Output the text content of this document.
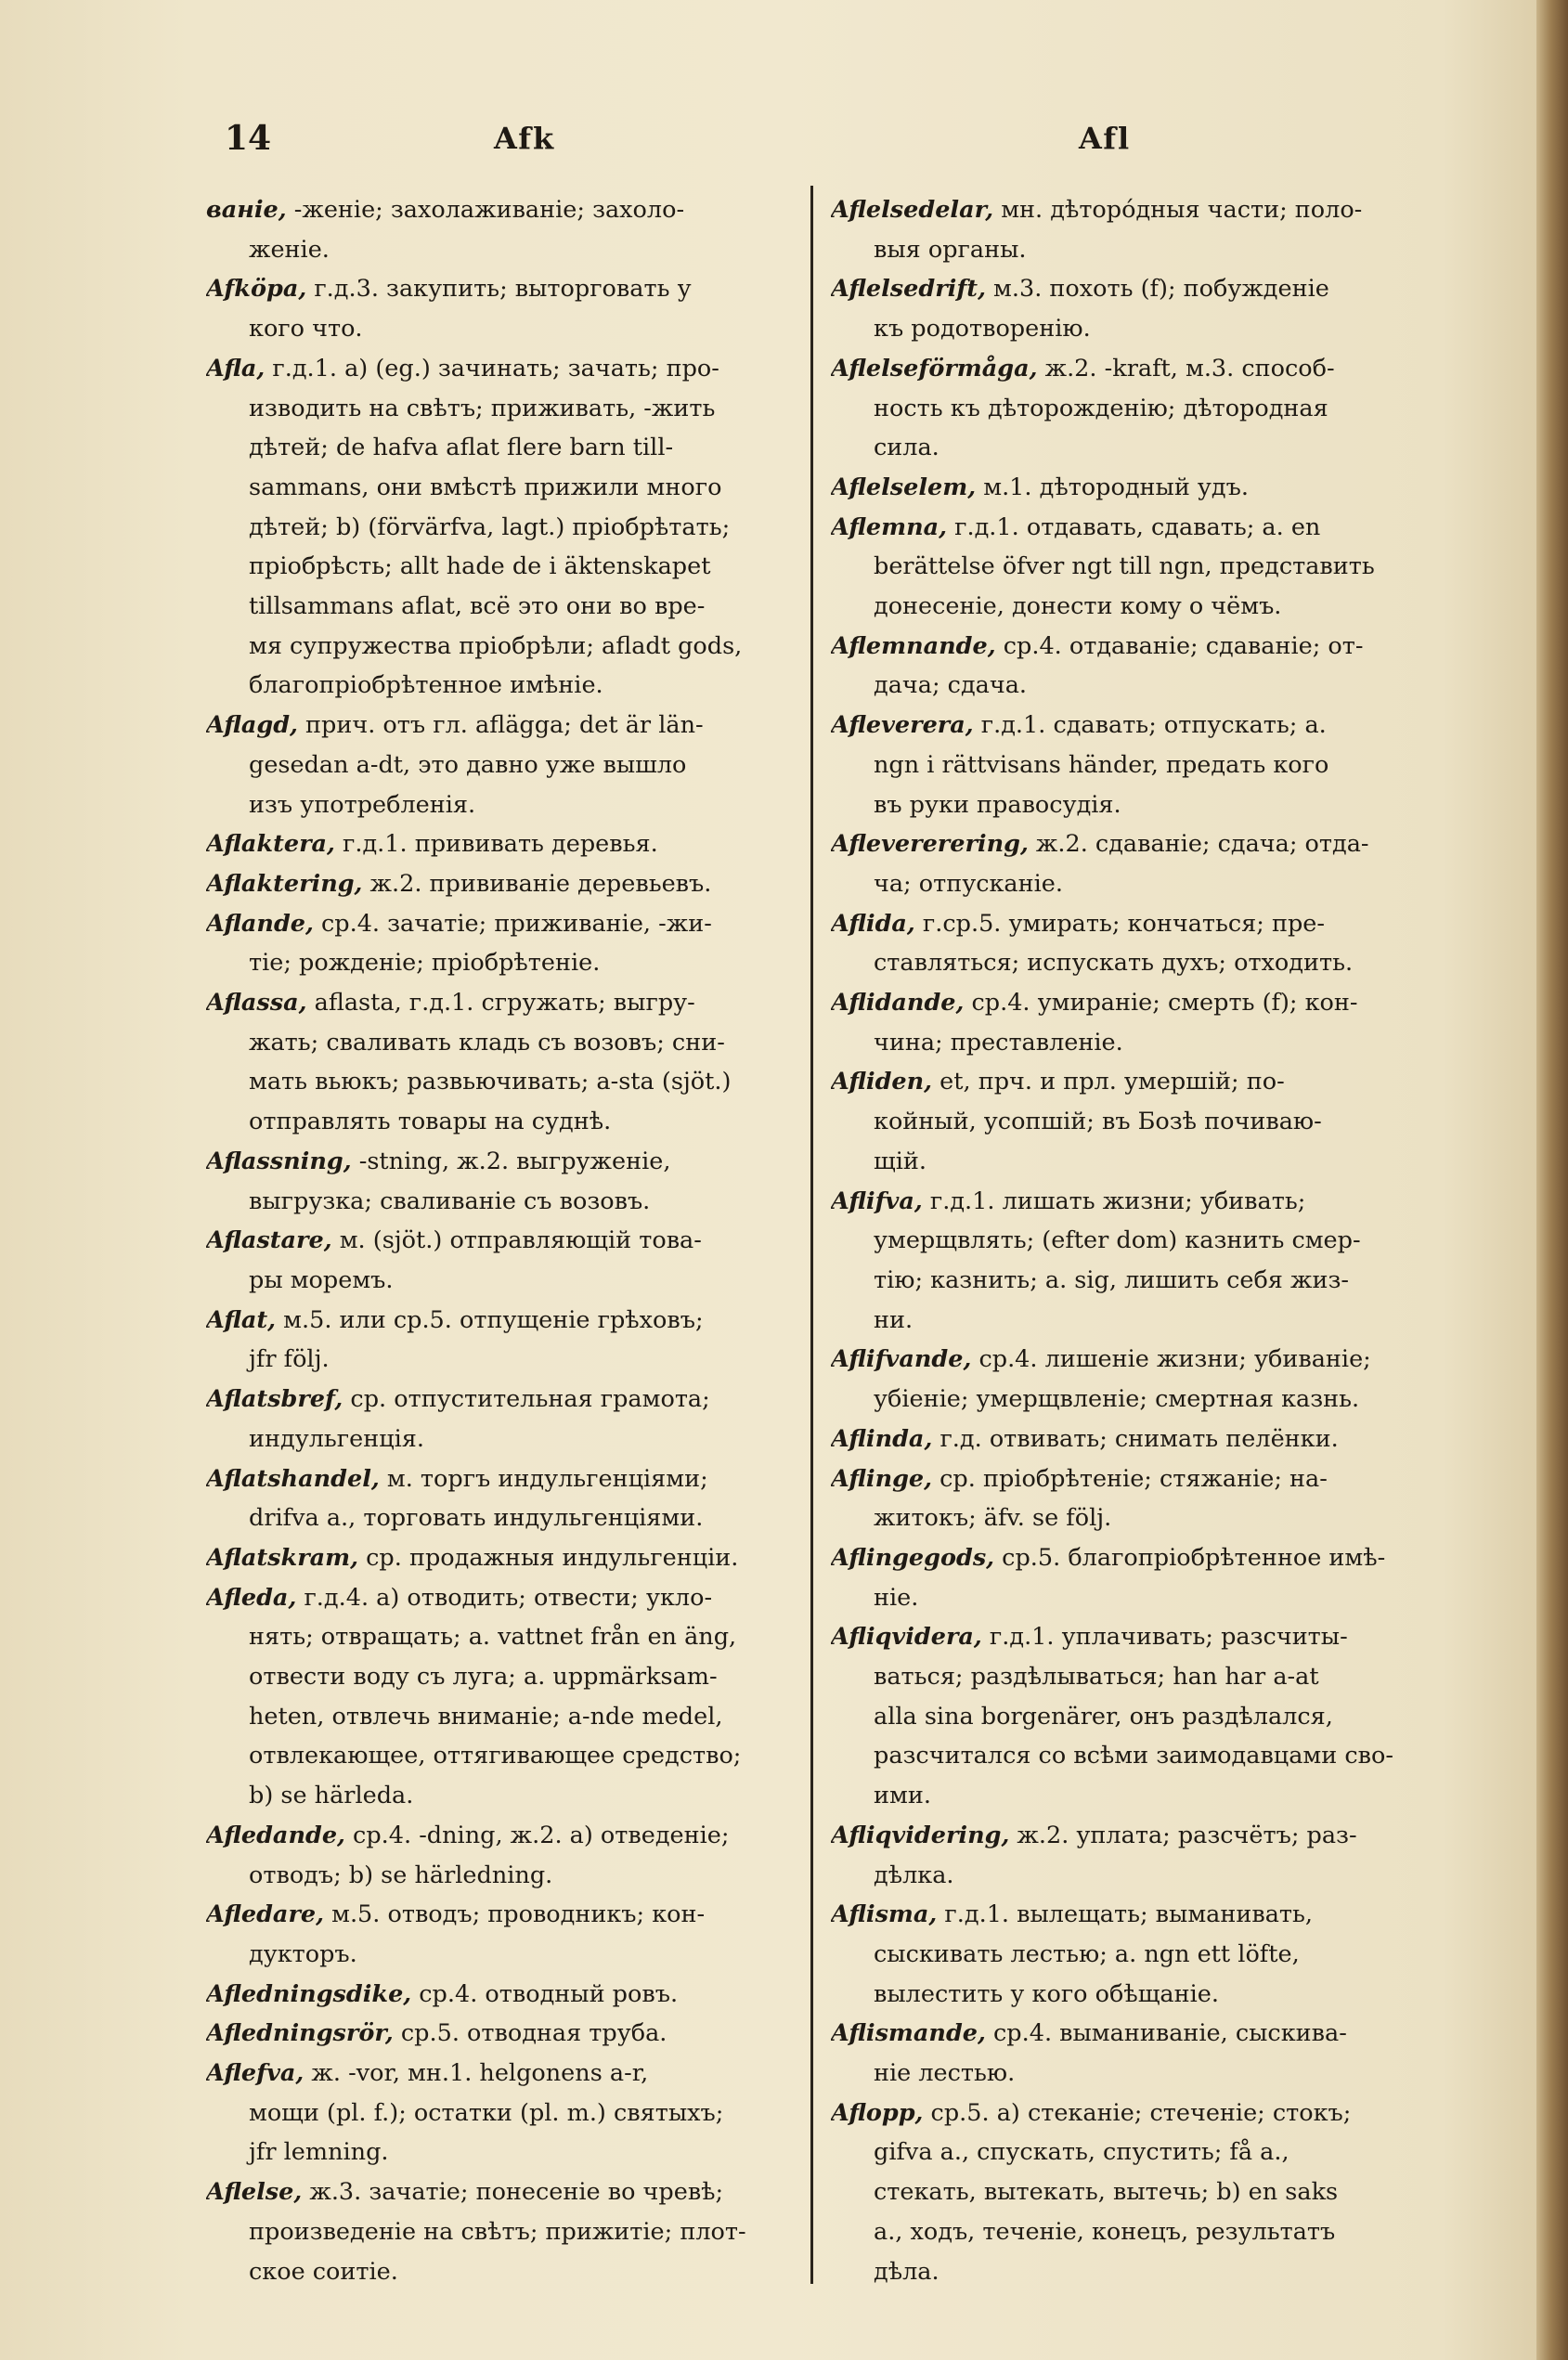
14	Afk	Afl
ваніе, -женіе; захолаживаніе; захоло-
женіе.
Afköpa, г.д.3. закупить; выторговать у
кого что.
Afla, г.д.1. a) (eg.) зачинать; зачать; про-
изводить на свѣтъ; приживать, -жить
дѣтей; de hafva aflat flere barn till-
sammans, они вмѣстѣ прижили много
дѣтей; b) (förvärfva, lagt.) пріобрѣтать;
пріобрѣсть; allt hade de i äktenskapet
tillsammans aflat, всё это они во вре-
мя супружества пріобрѣли; afladt gods,
благопріобрѣтенное имѣніе.
Aflagd, прич. отъ гл. aflägga; det är län-
gesedan a-dt, это давно уже вышло
изъ употребленія.
Aflaktera, г.д.1. прививать деревья.
Aflaktering, ж.2. прививаніе деревьевъ.
Aflande, ср.4. зачатіе; приживаніе, -жи-
тіе; рожденіе; пріобрѣтеніе.
Aflassa, aflasta, г.д.1. сгружать; выгру-
жать; сваливать кладь съ возовъ; сни-
мать вьюкъ; развьючивать; a-sta (sjöt.)
отправлять товары на суднѣ.
Aflassning, -stning, ж.2. выгруженіе,
выгрузка; сваливаніе съ возовъ.
Aflastare, м. (sjöt.) отправляющій това-
ры моремъ.
Aflat, м.5. или ср.5. отпущеніе грѣховъ;
jfr följ.
Aflatsbref, ср. отпустительная грамота;
индульгенція.
Aflatshandel, м. торгъ индульгенціями;
drifva a., торговать индульгенціями.
Aflatskram, ср. продажныя индульгенціи.
Afleda, г.д.4. a) отводить; отвести; укло-
нять; отвращать; a. vattnet från en äng,
отвести воду съ луга; a. uppmärksam-
heten, отвлечь вниманіе; a-nde medel,
отвлекающее, оттягивающее средство;
b) se härleda.
Afledande, ср.4. -dning, ж.2. a) отведеніе;
отводъ; b) se härledning.
Afledare, м.5. отводъ; проводникъ; кон-
дукторъ.
Afledningsdike, ср.4. отводный ровъ.
Afledningsrör, ср.5. отводная труба.
Aflefva, ж. -vor, мн.1. helgonens a-r,
мощи (pl. f.); остатки (pl. m.) святыхъ;
jfr lemning.
Aflelse, ж.3. зачатіе; понесеніе во чревѣ;
произведеніе на свѣтъ; прижитіе; плот-
ское соитіе.
Aflelsedelar, мн. дѣторо́дныя части; поло-
выя органы.
Aflelsedrift, м.3. похоть (f); побужденіе
къ родотворенію.
Aflelseförmåga, ж.2. -kraft, м.3. способ-
ность къ дѣторожденію; дѣтородная
сила.
Aflelselem, м.1. дѣтородный удъ.
Aflemna, г.д.1. отдавать, сдавать; a. en
berättelse öfver ngt till ngn, представить
донесеніе, донести кому о чёмъ.
Aflemnande, ср.4. отдаваніе; сдаваніе; от-
дача; сдача.
Afleverera, г.д.1. сдавать; отпускать; a.
ngn i rättvisans händer, предать кого
въ руки правосудія.
Aflevererering, ж.2. сдаваніе; сдача; отда-
ча; отпусканіе.
Aflida, г.ср.5. умирать; кончаться; пре-
ставляться; испускать духъ; отходить.
Aflidande, ср.4. умираніе; смерть (f); кон-
чина; преставленіе.
Afliden, et, прч. и прл. умершій; по-
койный, усопшій; въ Бозѣ почиваю-
щій.
Aflifva, г.д.1. лишать жизни; убивать;
умерщвлять; (efter dom) казнить смер-
тію; казнить; a. sig, лишить себя жиз-
ни.
Aflifvande, ср.4. лишеніе жизни; убиваніе;
убіеніе; умерщвленіе; смертная казнь.
Aflinda, г.д. отвивать; снимать пелёнки.
Aflinge, ср. пріобрѣтеніе; стяжаніе; на-
житокъ; äfv. se följ.
Aflingegods, ср.5. благопріобрѣтенное имѣ-
ніе.
Afliqvidera, г.д.1. уплачивать; разсчиты-
ваться; раздѣлываться; han har a-at
alla sina borgenärer, онъ раздѣлался,
разсчитался со всѣми заимодавцами сво-
ими.
Afliqvidering, ж.2. уплата; разсчётъ; раз-
дѣлка.
Aflisma, г.д.1. вылещать; выманивать,
сыскивать лестью; a. ngn ett löfte,
вылестить у кого обѣщаніе.
Aflismande, ср.4. выманиваніе, сыскива-
ніе лестью.
Aflopp, ср.5. a) стеканіе; стеченіе; стокъ;
gifva a., спускать, спустить; få a.,
стекать, вытекать, вытечь; b) en saks
a., ходъ, теченіе, конецъ, результатъ
дѣла.
